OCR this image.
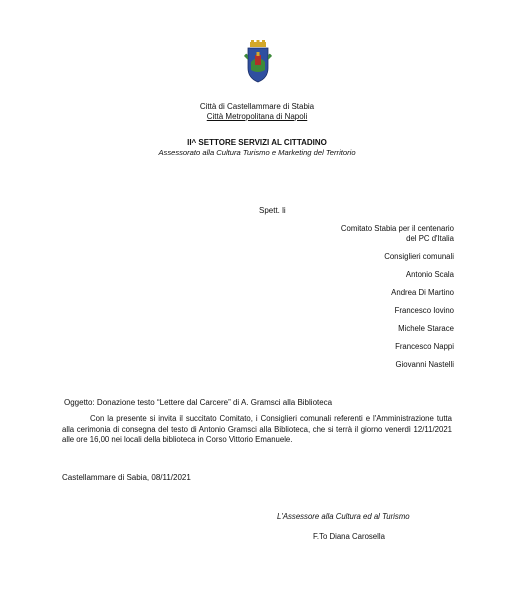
Città di Castellammare di Stabia
Città Metropolitana di Napoli
II^ SETTORE SERVIZI AL CITTADINO
Assessorato alla Cultura Turismo e Marketing del Territorio
Spett. li
Comitato Stabia per il centenario
del PC d'Italia
Consiglieri comunali
Antonio Scala
Andrea Di Martino
Francesco Iovino
Michele Starace
Francesco Nappi
Giovanni Nastelli
Oggetto: Donazione testo “Lettere dal Carcere” di A. Gramsci alla Biblioteca
Con la presente si invita il succitato Comitato, i Consiglieri comunali referenti e l'Amministrazione tutta alla cerimonia di consegna del testo di Antonio Gramsci alla Biblioteca, che si terrà il giorno venerdì 12/11/2021 alle ore 16,00 nei locali della biblioteca in Corso Vittorio Emanuele.
Castellammare di Sabia, 08/11/2021
L'Assessore alla Cultura ed al Turismo
F.To Diana Carosella
